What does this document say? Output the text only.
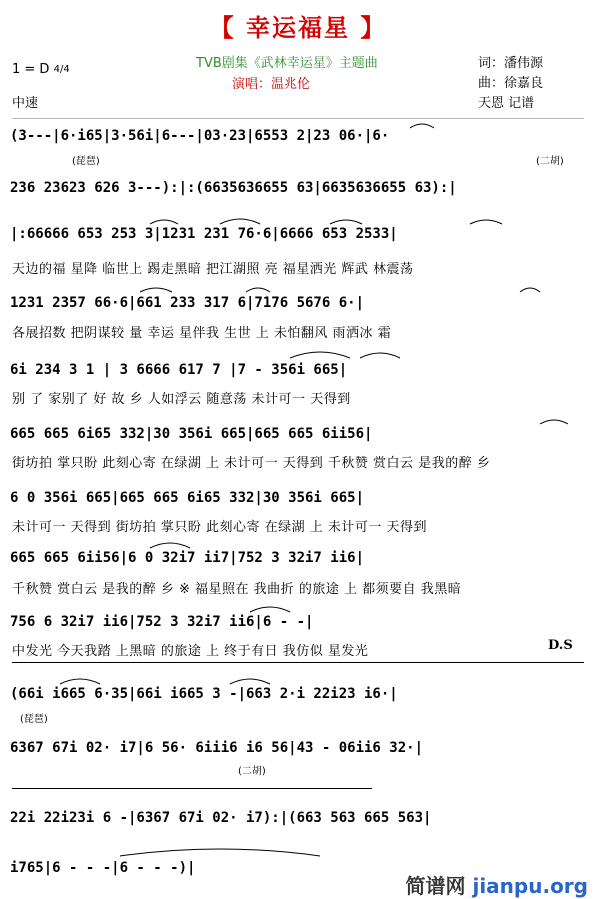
【 幸运福星 】
1 = D 4/4
中速
TVB剧集《武林幸运星》主题曲
演唱：温兆伦
词：潘伟源
曲：徐嘉良
天恩 记谱
(3---|6·i65|3·56i|6---|03·23|6553 2|23 06·|6·
(琵琶)	(二胡)
236 23623 626 3---):|:(6635636655 63|6635636655 63):|
|:66666 653 253 3|1231 231 76·6|6666 653 2533|
天边的福 星降 临世上 踢走黑暗 把江湖照 亮 福星洒光 辉武 林震荡
1231 2357 66·6|661 233 317 6|7176 5676 6·|
各展招数 把阴谋较 量 幸运 星伴我 生世 上 未怕翻风 雨洒冰 霜
6i 234 3 1 | 3 6666 617 7 |7 - 356i 665|
别 了 家别了 好 故 乡 人如浮云 随意荡 未计可一 天得到
665 665 6i65 332|30 356i 665|665 665 6ii56|
街坊拍 掌只盼 此刻心寄 在绿湖 上 未计可一 天得到 千秋赞 赏白云 是我的醉 乡
6 0 356i 665|665 665 6i65 332|30 356i 665|
未计可一 天得到 街坊拍 掌只盼 此刻心寄 在绿湖 上 未计可一 天得到
665 665 6ii56|6 0 32i7 ii7|752 3 32i7 ii6|
千秋赞 赏白云 是我的醉 乡 ※ 福星照在 我曲折 的旅途 上 都须要自 我黑暗
756 6 32i7 ii6|752 3 32i7 ii6|6 - -|
中发光 今天我踏 上黑暗 的旅途 上 终于有日 我仿似 星发光	D.S
(66i i665 6·35|66i i665 3 -|663 2·i 22i23 i6·|
(琵琶)
6367 67i 02· i7|6 56· 6iii6 i6 56|43 - 06ii6 32·|
(二胡)
22i 22i23i 6 -|6367 67i 02· i7):|(663 563 665 563|
i765|6 - - -|6 - - -)|
简谱网 jianpu.org
